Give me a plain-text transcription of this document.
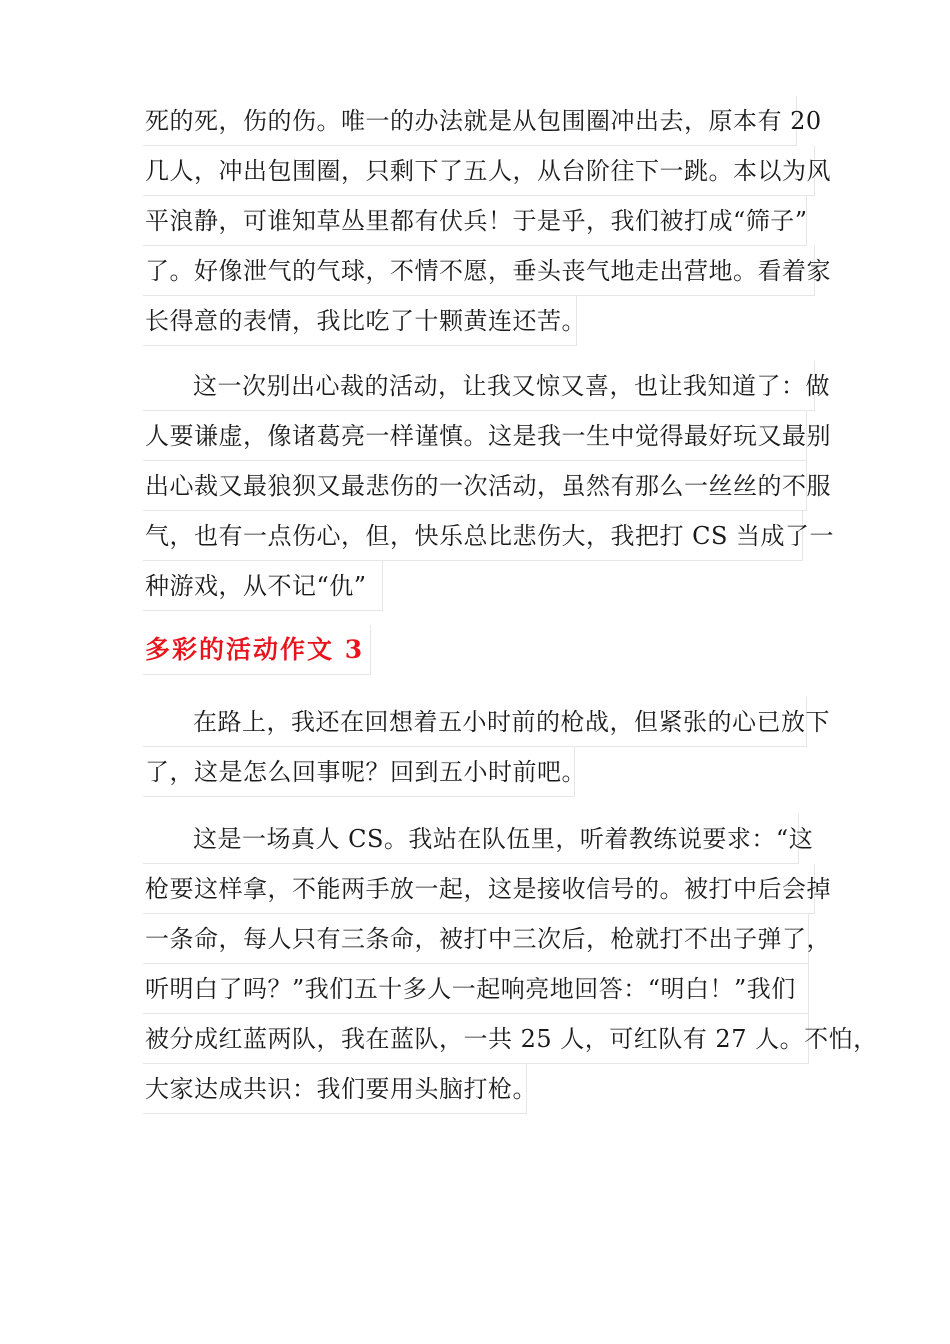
死的死，伤的伤。唯一的办法就是从包围圈冲出去，原本有 20
几人，冲出包围圈，只剩下了五人，从台阶往下一跳。本以为风
平浪静，可谁知草丛里都有伏兵！于是乎，我们被打成“筛子”
了。好像泄气的气球，不情不愿，垂头丧气地走出营地。看着家
长得意的表情，我比吃了十颗黄连还苦。
这一次别出心裁的活动，让我又惊又喜，也让我知道了：做
人要谦虚，像诸葛亮一样谨慎。这是我一生中觉得最好玩又最别
出心裁又最狼狈又最悲伤的一次活动，虽然有那么一丝丝的不服
气，也有一点伤心，但，快乐总比悲伤大，我把打 CS 当成了一
种游戏，从不记“仇”
多彩的活动作文 3
在路上，我还在回想着五小时前的枪战，但紧张的心已放下
了，这是怎么回事呢？回到五小时前吧。
这是一场真人 CS。我站在队伍里，听着教练说要求：“这
枪要这样拿，不能两手放一起，这是接收信号的。被打中后会掉
一条命，每人只有三条命，被打中三次后，枪就打不出子弹了，
听明白了吗？”我们五十多人一起响亮地回答：“明白！”我们
被分成红蓝两队，我在蓝队，一共 25 人，可红队有 27 人。不怕，
大家达成共识：我们要用头脑打枪。
